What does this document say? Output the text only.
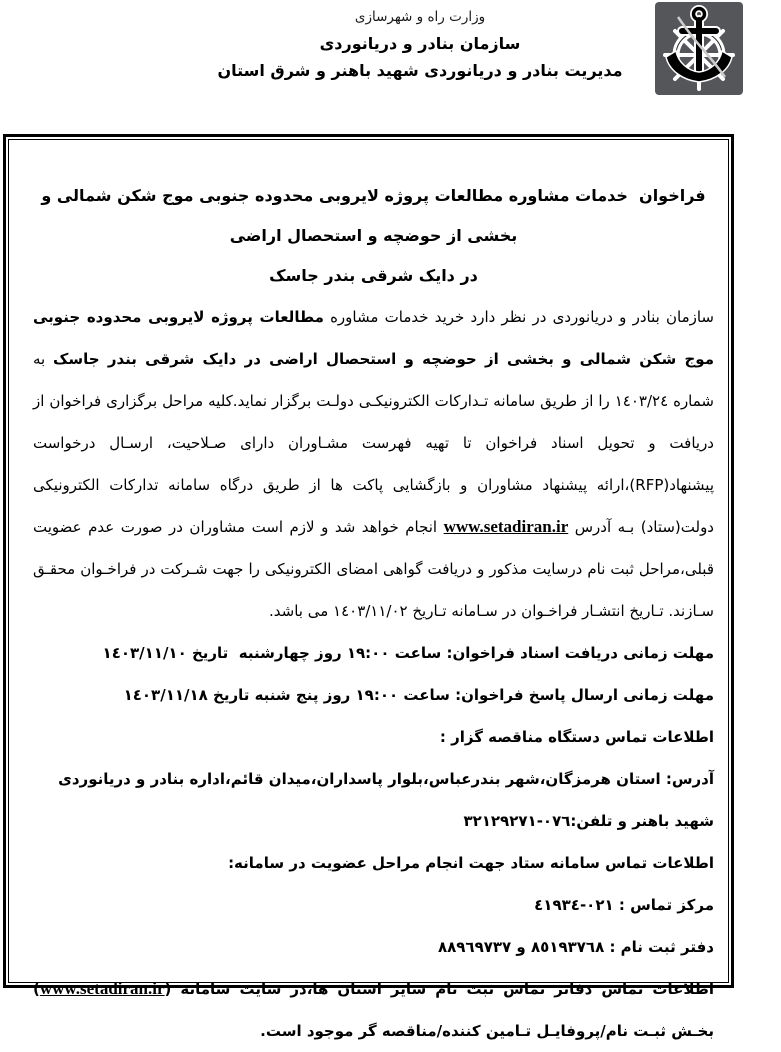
وزارت راه و شهرسازی
سازمان بنادر و دریانوردی
مدیریت بنادر و دریانوردی شهید باهنر و شرق استان
فراخوان  خدمات مشاوره مطالعات پروژه لایروبی محدوده جنوبی موج شکن شمالی و بخشی از حوضچه و استحصال اراضی
در دایک شرقی بندر جاسک

سازمان بنادر و دریانوردی در نظر دارد خرید خدمات مشاوره مطالعات پروژه لایروبی محدوده جنوبی موج شکن شمالی و بخشی از حوضچه و استحصال اراضی در دایک شرقی بندر جاسک به شماره ١٤٠٣/٢٤ را از طریق سامانه تـدارکات الکترونیکـی دولـت برگزار نماید.کلیه مراحل برگزاری فراخوان از دریافت و تحویل اسناد فراخوان تا تهیه فهرست مشـاوران دارای صـلاحیت، ارسـال درخواست پیشنهاد(RFP)،ارائه پیشنهاد مشاوران و بازگشایی پاکت ها از طریق درگاه سامانه تدارکات الکترونیکی دولت(ستاد) بـه آدرس www.setadiran.ir انجام خواهد شد و لازم است مشاوران در صورت عدم عضویت قبلی،مراحل ثبت نام درسایت مذکور و دریافت گواهی امضای الکترونیکی را جهت شـرکت در فراخـوان محقـق سـازند. تـاریخ انتشـار فراخـوان در سـامانه تـاریخ ١٤٠٣/١١/٠٢ می باشد.

مهلت زمانی دریافت اسناد فراخوان: ساعت ١٩:٠٠ روز چهارشنبه  تاریخ ١٤٠٣/١١/١٠

مهلت زمانی ارسال پاسخ فراخوان: ساعت ١٩:٠٠ روز پنج شنبه تاریخ ١٤٠٣/١١/١٨

اطلاعات تماس دستگاه مناقصه گزار :

آدرس: استان هرمزگان،شهر بندرعباس،بلوار پاسداران،میدان قائم،اداره بنادر و دریانوردی شهید باهنر و تلفن:٠٧٦-٣٢١٢٩٢٧١

اطلاعات تماس سامانه ستاد جهت انجام مراحل عضویت در سامانه:

مرکز تماس : ٠٢١-٤١٩٣٤

دفتر ثبت نام : ٨٥١٩٣٧٦٨ و ٨٨٩٦٩٧٣٧

اطلاعات تماس دفاتر تماس ثبت نام سایر استان ها،در سایت سامانه (www.setadiran.ir) بخـش ثبـت نام/پروفایـل تـامین کننده/مناقصه گر موجود است.
